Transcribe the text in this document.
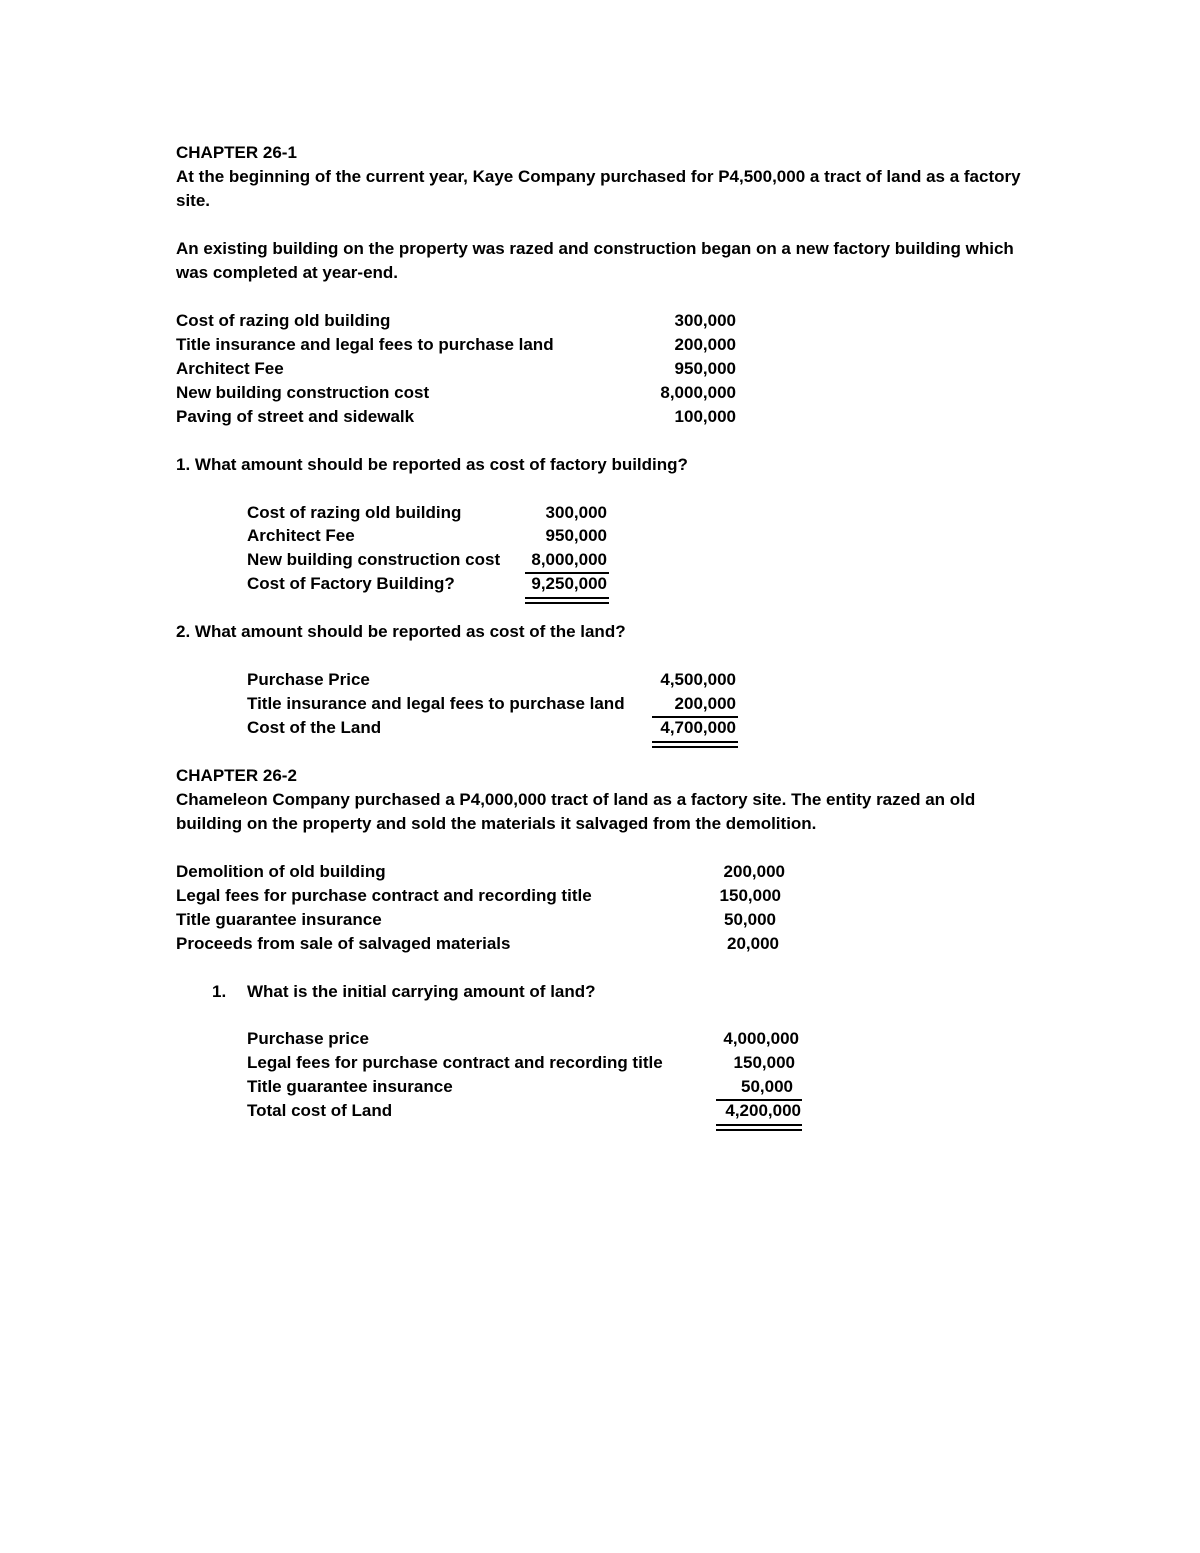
CHAPTER 26-1
At the beginning of the current year, Kaye Company purchased for P4,500,000 a tract of land as a factory
site.
An existing building on the property was razed and construction began on a new factory building which
was completed at year-end.
Cost of razing old building	300,000
Title insurance and legal fees to purchase land	200,000
Architect Fee	950,000
New building construction cost	8,000,000
Paving of street and sidewalk	100,000
1. What amount should be reported as cost of factory building?
Cost of razing old building	300,000
Architect Fee	950,000
New building construction cost 8,000,000
Cost of Factory Building?	9,250,000
2. What amount should be reported as cost of the land?
Purchase Price	4,500,000
Title insurance and legal fees to purchase land	200,000
Cost of the Land	4,700,000
CHAPTER 26-2
Chameleon Company purchased a P4,000,000 tract of land as a factory site. The entity razed an old
building on the property and sold the materials it salvaged from the demolition.
Demolition of old building	200,000
Legal fees for purchase contract and recording title	150,000
Title guarantee insurance	50,000
Proceeds from sale of salvaged materials	20,000
1. What is the initial carrying amount of land?
Purchase price	4,000,000
Legal fees for purchase contract and recording title	150,000
Title guarantee insurance	50,000
Total cost of Land	4,200,000
